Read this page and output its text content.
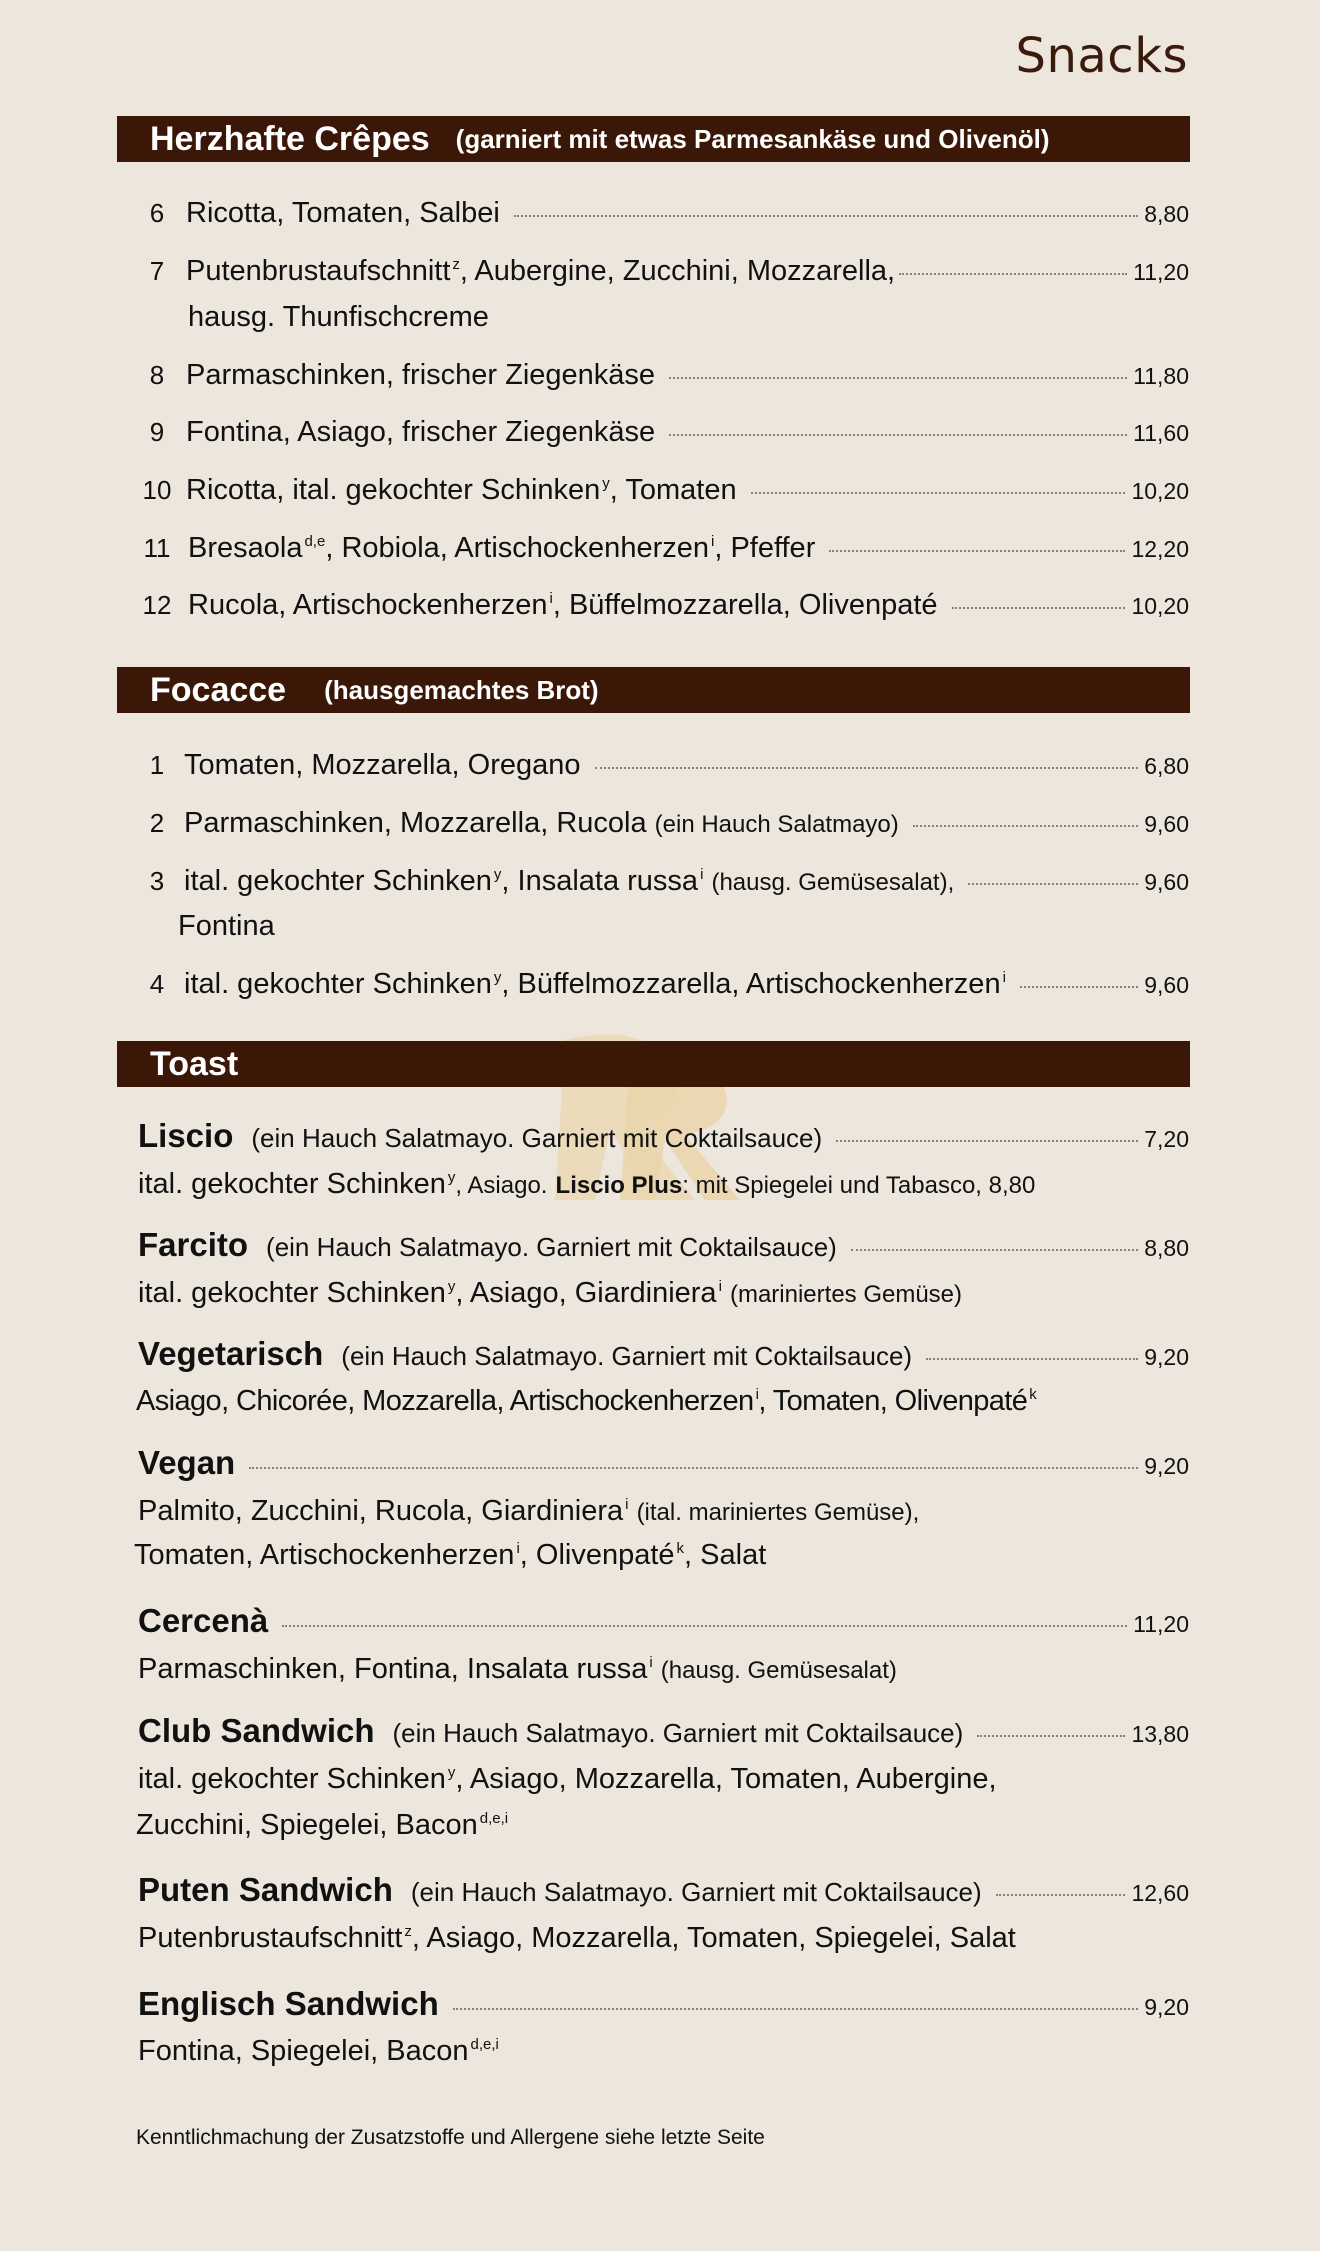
Snacks
Herzhafte Crêpes (garniert mit etwas Parmesankäse und Olivenöl)
6 Ricotta, Tomaten, Salbei	8,80
7 Putenbrustaufschnitt $^z$, Aubergine, Zucchini, Mozzarella,	11,20
hausg. Thunfischcreme
8 Parmaschinken, frischer Ziegenkäse	11,80
9 Fontina, Asiago, frischer Ziegenkäse	11,60
10 Ricotta, ital. gekochter Schinken $^y$, Tomaten	10,20
11 Bresaola $^{d,e}$, Robiola, Artischockenherzen $^i$, Pfeffer	12,20
12 Rucola, Artischockenherzen $^i$, Büffelmozzarella, Olivenpaté	10,20
Focacce (hausgemachtes Brot)
1 Tomaten, Mozzarella, Oregano	6,80
2 Parmaschinken, Mozzarella, Rucola (ein Hauch Salatmayo)	9,60
3 ital. gekochter Schinken $^y$, Insalata russa $^i$ (hausg. Gemüsesalat),	9,60
Fontina
4 ital. gekochter Schinken $^y$, Büffelmozzarella, Artischockenherzen $^i$	9,60
Toast
Liscio (ein Hauch Salatmayo. Garniert mit Coktailsauce)	7,20
ital. gekochter Schinken $^y$, Asiago. Liscio Plus: mit Spiegelei und Tabasco, 8,80
Farcito (ein Hauch Salatmayo. Garniert mit Coktailsauce)	8,80
ital. gekochter Schinken $^y$, Asiago, Giardiniera $^i$ (mariniertes Gemüse)
Vegetarisch (ein Hauch Salatmayo. Garniert mit Coktailsauce)	9,20
Asiago, Chicorée, Mozzarella, Artischockenherzen $^i$, Tomaten, Olivenpaté $^k$
Vegan	9,20
Palmito, Zucchini, Rucola, Giardiniera $^i$ (ital. mariniertes Gemüse),
Tomaten, Artischockenherzen $^i$, Olivenpaté $^k$, Salat
Cercenà	11,20
Parmaschinken, Fontina, Insalata russa $^i$ (hausg. Gemüsesalat)
Club Sandwich (ein Hauch Salatmayo. Garniert mit Coktailsauce)	13,80
ital. gekochter Schinken $^y$, Asiago, Mozzarella, Tomaten, Aubergine,
Zucchini, Spiegelei, Bacon $^{d,e,i}$
Puten Sandwich (ein Hauch Salatmayo. Garniert mit Coktailsauce)	12,60
Putenbrustaufschnitt $^z$, Asiago, Mozzarella, Tomaten, Spiegelei, Salat
Englisch Sandwich	9,20
Fontina, Spiegelei, Bacon $^{d,e,i}$
Kenntlichmachung der Zusatzstoffe und Allergene siehe letzte Seite
